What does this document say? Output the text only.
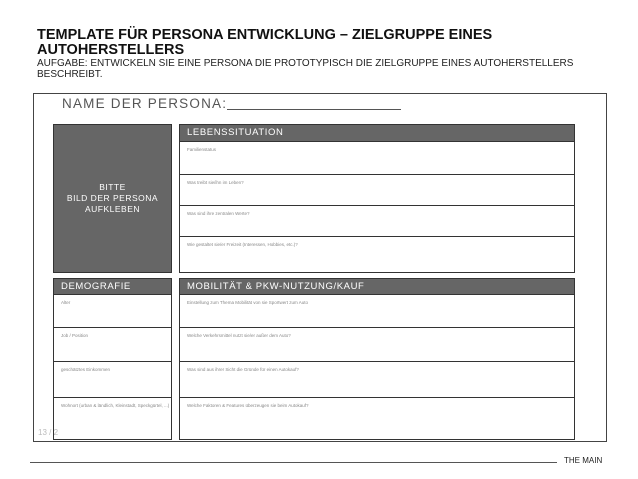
TEMPLATE FÜR PERSONA ENTWICKLUNG – ZIELGRUPPE EINES AUTOHERSTELLERS
AUFGABE: ENTWICKELN SIE EINE PERSONA DIE PROTOTYPISCH DIE ZIELGRUPPE EINES AUTOHERSTELLERS BESCHREIBT.
NAME DER PERSONA:
BITTE
BILD DER PERSONA
AUFKLEBEN
LEBENSSITUATION
Familienstatus
Was treibt sie/ihn im Leben?
Was sind ihre zentralen Werte?
Wie gestaltet sie/er Freizeit (Interessen, Hobbies, etc.)?
DEMOGRAFIE
Alter
Job / Position
geschätztes Einkommen
Wohnort (urban & ländlich, Kleinstadt, Speckgürtel, ...)
MOBILITÄT & PKW-NUTZUNG/KAUF
Einstellung zum Thema Mobilität von sie Sportwert zum Auto
Welche Verkehrsmittel nutzt sie/er außer dem Auto?
Was sind aus ihrer Sicht die Gründe für einen Autokauf?
Welche Faktoren & Features überzeugen sie beim Autokauf?
13 / 2
THE MAIN
